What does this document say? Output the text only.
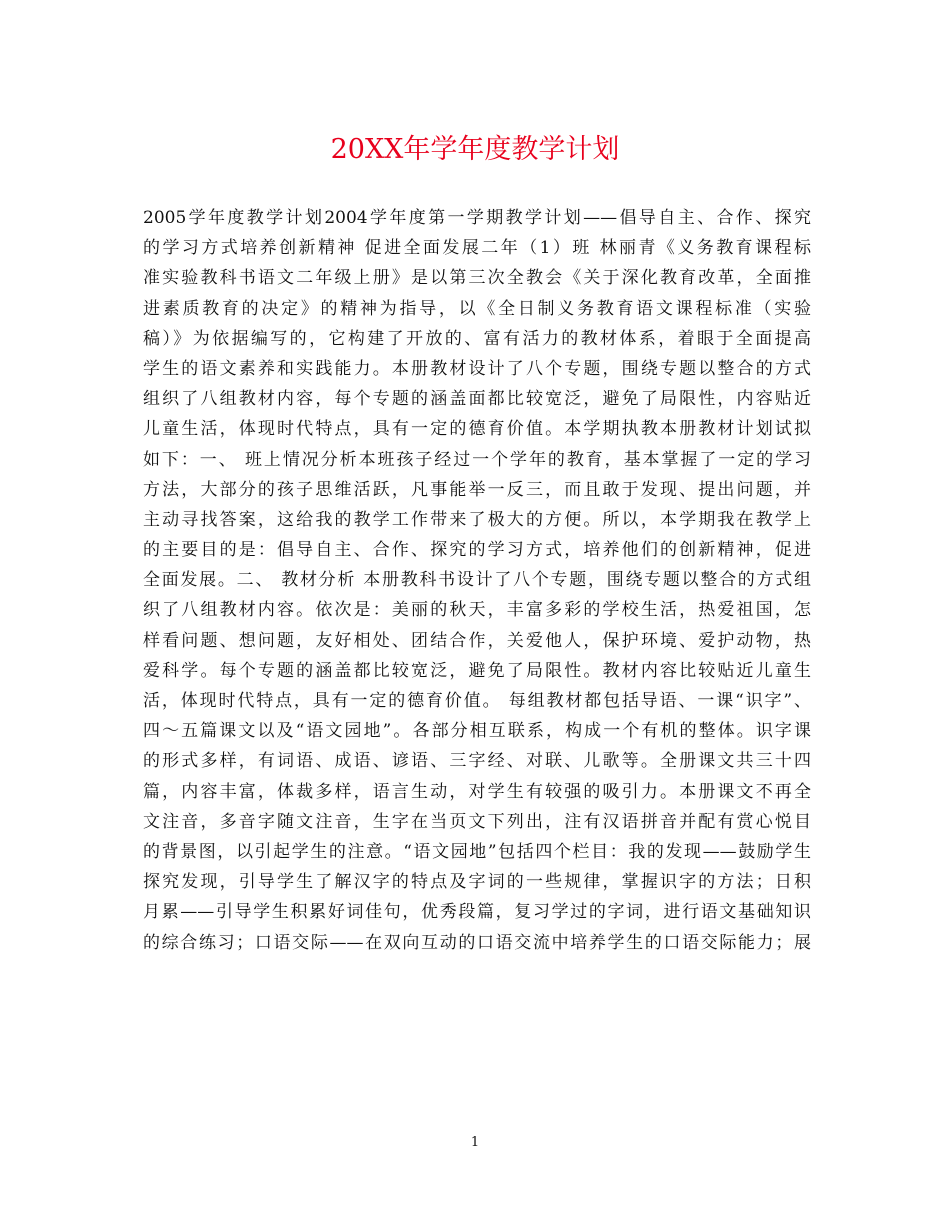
20XX年学年度教学计划
2005学年度教学计划2004学年度第一学期教学计划——倡导自主、合作、探究
的学习方式培养创新精神 促进全面发展二年（1）班 林丽青《义务教育课程标
准实验教科书语文二年级上册》是以第三次全教会《关于深化教育改革，全面推
进素质教育的决定》的精神为指导，以《全日制义务教育语文课程标准（实验
稿）》为依据编写的，它构建了开放的、富有活力的教材体系，着眼于全面提高
学生的语文素养和实践能力。本册教材设计了八个专题，围绕专题以整合的方式
组织了八组教材内容，每个专题的涵盖面都比较宽泛，避免了局限性，内容贴近
儿童生活，体现时代特点，具有一定的德育价值。本学期执教本册教材计划试拟
如下：一、 班上情况分析本班孩子经过一个学年的教育，基本掌握了一定的学习
方法，大部分的孩子思维活跃，凡事能举一反三，而且敢于发现、提出问题，并
主动寻找答案，这给我的教学工作带来了极大的方便。所以，本学期我在教学上
的主要目的是：倡导自主、合作、探究的学习方式，培养他们的创新精神，促进
全面发展。二、 教材分析 本册教科书设计了八个专题，围绕专题以整合的方式组
织了八组教材内容。依次是：美丽的秋天，丰富多彩的学校生活，热爱祖国，怎
样看问题、想问题，友好相处、团结合作，关爱他人，保护环境、爱护动物，热
爱科学。每个专题的涵盖都比较宽泛，避免了局限性。教材内容比较贴近儿童生
活，体现时代特点，具有一定的德育价值。 每组教材都包括导语、一课“识字”、
四～五篇课文以及“语文园地”。各部分相互联系，构成一个有机的整体。识字课
的形式多样，有词语、成语、谚语、三字经、对联、儿歌等。全册课文共三十四
篇，内容丰富，体裁多样，语言生动，对学生有较强的吸引力。本册课文不再全
文注音，多音字随文注音，生字在当页文下列出，注有汉语拼音并配有赏心悦目
的背景图，以引起学生的注意。“语文园地”包括四个栏目：我的发现——鼓励学生
探究发现，引导学生了解汉字的特点及字词的一些规律，掌握识字的方法；日积
月累——引导学生积累好词佳句，优秀段篇，复习学过的字词，进行语文基础知识
的综合练习；口语交际——在双向互动的口语交流中培养学生的口语交际能力；展
1
